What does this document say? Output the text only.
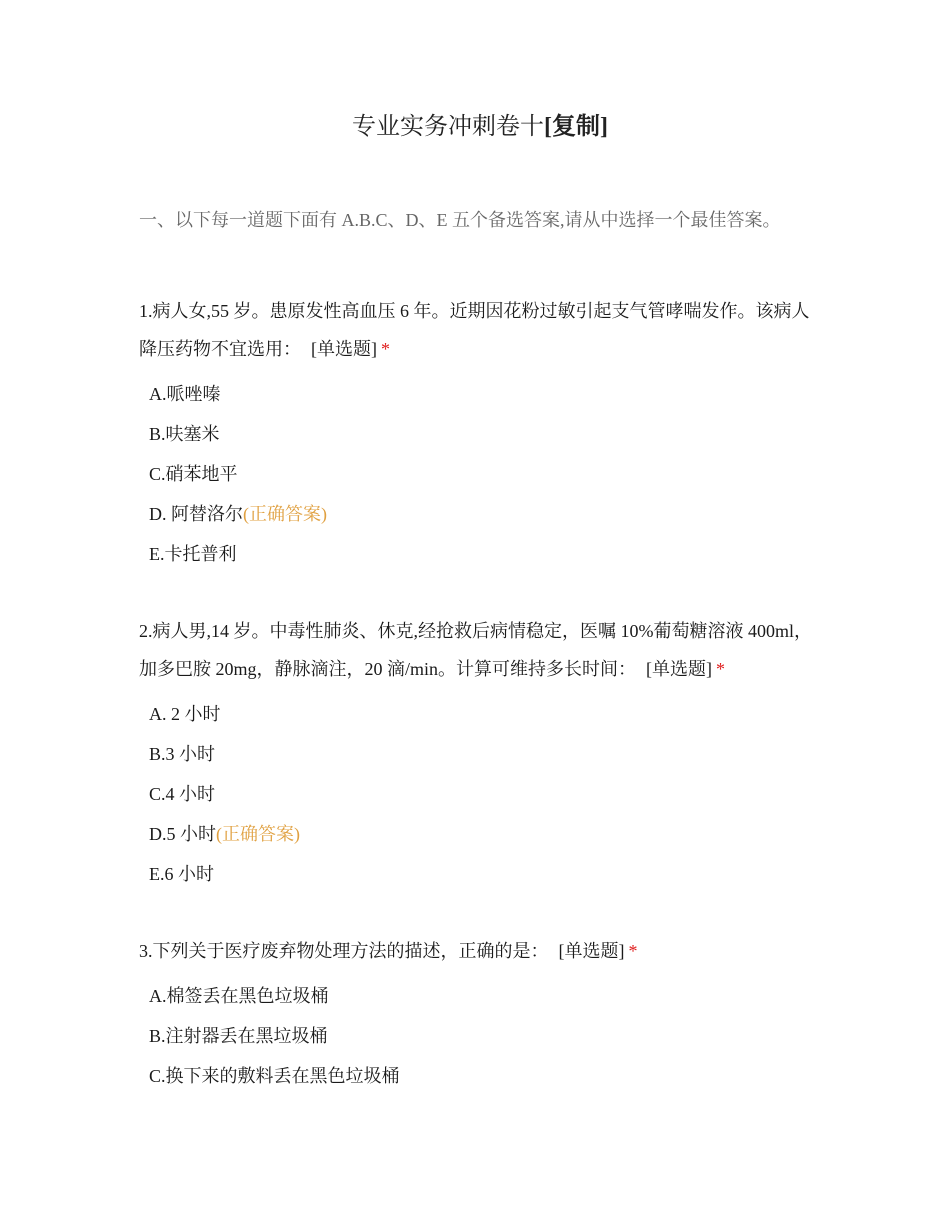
专业实务冲刺卷十[复制]
一、以下每一道题下面有 A.B.C、D、E 五个备选答案,请从中选择一个最佳答案。
1.病人女,55 岁。患原发性高血压 6 年。近期因花粉过敏引起支气管哮喘发作。该病人降压药物不宜选用： [单选题] *
A.哌唑嗪
B.呋塞米
C.硝苯地平
D. 阿替洛尔(正确答案)
E.卡托普利
2.病人男,14 岁。中毒性肺炎、休克,经抢救后病情稳定，医嘱 10%葡萄糖溶液 400ml，加多巴胺 20mg，静脉滴注，20 滴/min。计算可维持多长时间： [单选题] *
A. 2 小时
B.3 小时
C.4 小时
D.5 小时(正确答案)
E.6 小时
3.下列关于医疗废弃物处理方法的描述，正确的是： [单选题] *
A.棉签丢在黑色垃圾桶
B.注射器丢在黑垃圾桶
C.换下来的敷料丢在黑色垃圾桶
